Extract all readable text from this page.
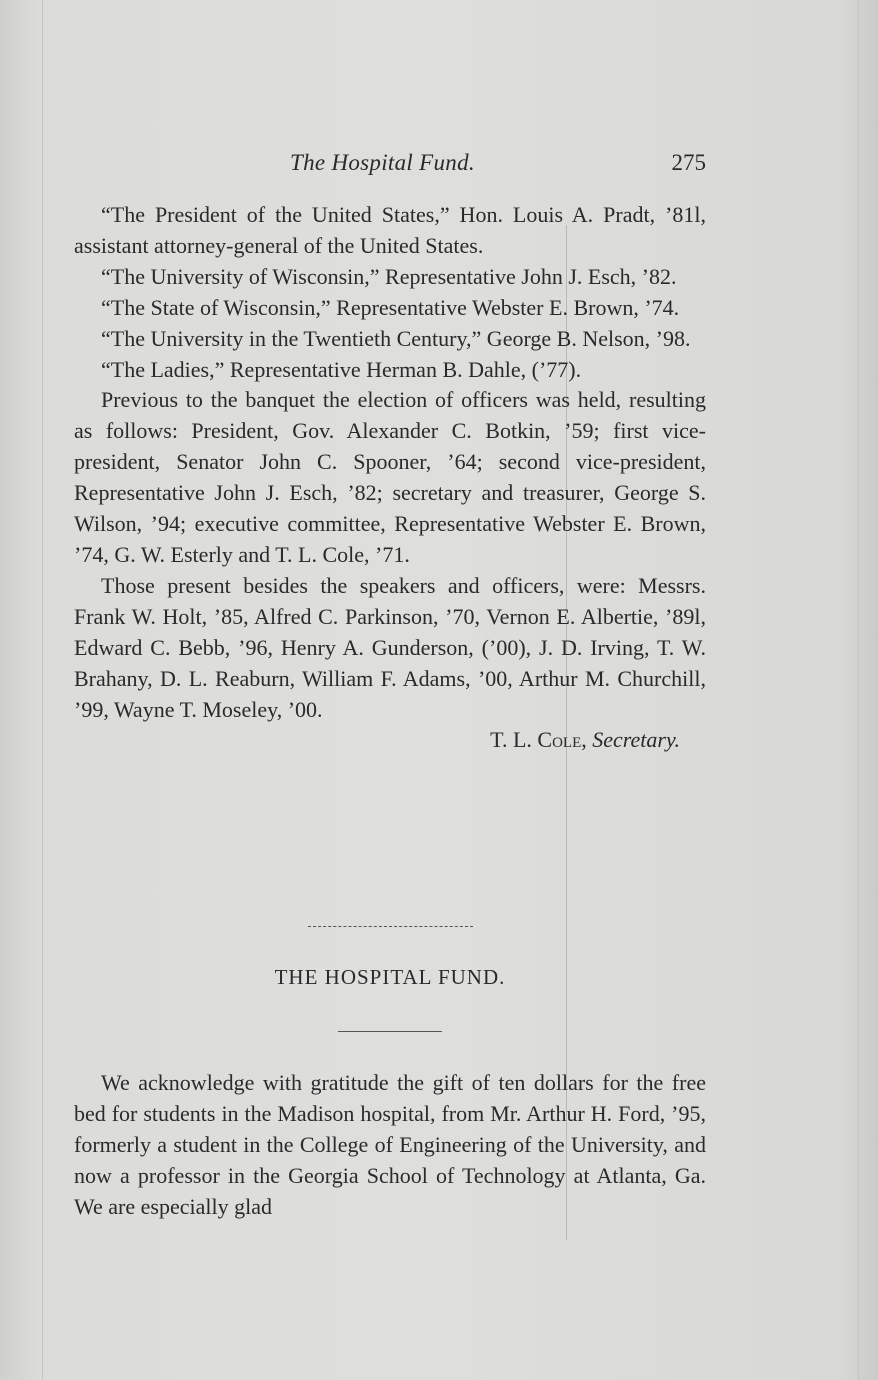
The Hospital Fund.	275

“The President of the United States,” Hon. Louis A. Pradt, ’81l, assistant attorney-general of the United States.

“The University of Wisconsin,” Representative John J. Esch, ’82.

“The State of Wisconsin,” Representative Webster E. Brown, ’74.

“The University in the Twentieth Century,” George B. Nelson, ’98.

“The Ladies,” Representative Herman B. Dahle, (’77).

Previous to the banquet the election of officers was held, resulting as follows: President, Gov. Alexander C. Botkin, ’59; first vice-president, Senator John C. Spooner, ’64; second vice-president, Representative John J. Esch, ’82; secretary and treasurer, George S. Wilson, ’94; executive committee, Representative Webster E. Brown, ’74, G. W. Esterly and T. L. Cole, ’71.

Those present besides the speakers and officers, were: Messrs. Frank W. Holt, ’85, Alfred C. Parkinson, ’70, Vernon E. Albertie, ’89l, Edward C. Bebb, ’96, Henry A. Gunderson, (’00), J. D. Irving, T. W. Brahany, D. L. Reaburn, William F. Adams, ’00, Arthur M. Churchill, ’99, Wayne T. Moseley, ’00.

T. L. Cole, Secretary.
THE HOSPITAL FUND.

We acknowledge with gratitude the gift of ten dollars for the free bed for students in the Madison hospital, from Mr. Arthur H. Ford, ’95, formerly a student in the College of Engineering of the University, and now a professor in the Georgia School of Technology at Atlanta, Ga. We are especially glad
